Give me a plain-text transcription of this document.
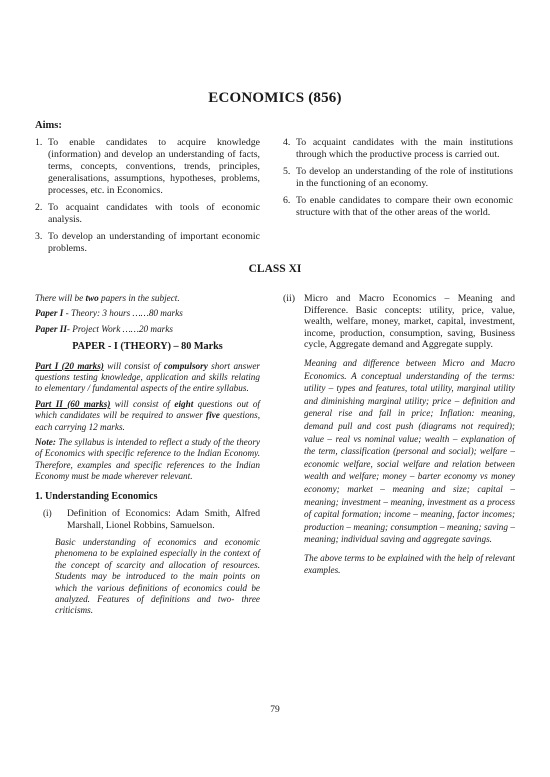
ECONOMICS (856)
Aims:
1. To enable candidates to acquire knowledge (information) and develop an understanding of facts, terms, concepts, conventions, trends, principles, generalisations, assumptions, hypotheses, problems, processes, etc. in Economics.
2. To acquaint candidates with tools of economic analysis.
3. To develop an understanding of important economic problems.
4. To acquaint candidates with the main institutions through which the productive process is carried out.
5. To develop an understanding of the role of institutions in the functioning of an economy.
6. To enable candidates to compare their own economic structure with that of the other areas of the world.
CLASS XI

There will be two papers in the subject.

Paper I - Theory: 3 hours ……80 marks

Paper II- Project Work ……20 marks

PAPER - I (THEORY) – 80 Marks

Part I (20 marks) will consist of compulsory short answer questions testing knowledge, application and skills relating to elementary / fundamental aspects of the entire syllabus.

Part II (60 marks) will consist of eight questions out of which candidates will be required to answer five questions, each carrying 12 marks.

Note: The syllabus is intended to reflect a study of the theory of Economics with specific reference to the Indian Economy. Therefore, examples and specific references to the Indian Economy must be made wherever relevant.

1. Understanding Economics
(i)	Definition of Economics: Adam Smith, Alfred Marshall, Lionel Robbins, Samuelson.

Basic understanding of economics and economic phenomena to be explained especially in the context of the concept of scarcity and allocation of resources. Students may be introduced to the main points on which the various definitions of economics could be analyzed. Features of definitions and two- three criticisms.

(ii) Micro and Macro Economics – Meaning and Difference. Basic concepts: utility, price, value, wealth, welfare, money, market, capital, investment, income, production, consumption, saving, Business cycle, Aggregate demand and Aggregate supply.

Meaning and difference between Micro and Macro Economics. A conceptual understanding of the terms: utility – types and features, total utility, marginal utility and diminishing marginal utility; price – definition and general rise and fall in price; Inflation: meaning, demand pull and cost push (diagrams not required); value – real vs nominal value; wealth – explanation of the term, classification (personal and social); welfare – economic welfare, social welfare and relation between wealth and welfare; money – barter economy vs money economy; market – meaning and size; capital – meaning; investment – meaning, investment as a process of capital formation; income – meaning, factor incomes; production – meaning; consumption – meaning; saving – meaning; individual saving and aggregate savings.

The above terms to be explained with the help of relevant examples.

79
